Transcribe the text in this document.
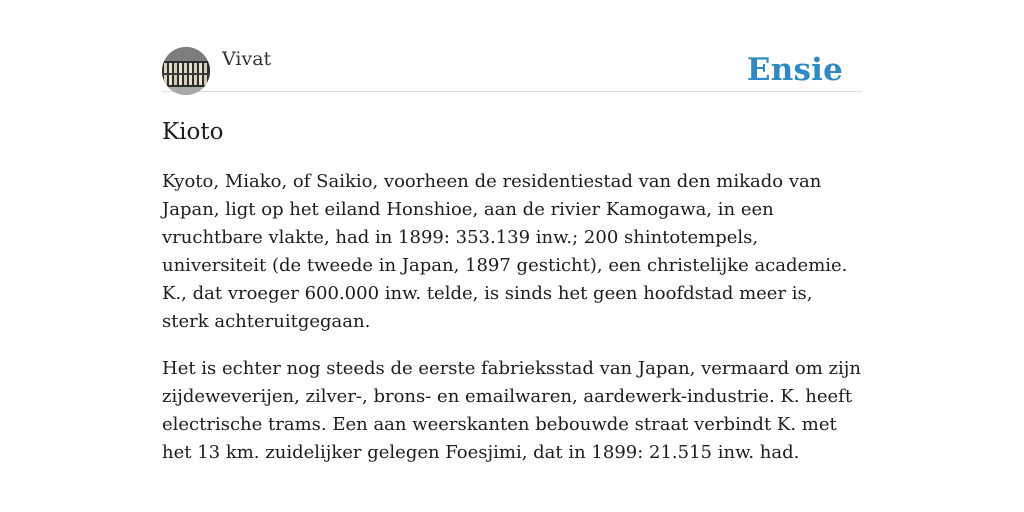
Vivat	Ensie
Kioto

Kyoto, Miako, of Saikio, voorheen de residentiestad van den mikado van Japan, ligt op het eiland Honshioe, aan de rivier Kamogawa, in een vruchtbare vlakte, had in 1899: 353.139 inw.; 200 shintotempels, universiteit (de tweede in Japan, 1897 gesticht), een christelijke academie. K., dat vroeger 600.000 inw. telde, is sinds het geen hoofdstad meer is, sterk achteruitgegaan.

Het is echter nog steeds de eerste fabrieksstad van Japan, vermaard om zijn zijdeweverijen, zilver-, brons- en emailwaren, aardewerk-industrie. K. heeft electrische trams. Een aan weerskanten bebouwde straat verbindt K. met het 13 km. zuidelijker gelegen Foesjimi, dat in 1899: 21.515 inw. had.
